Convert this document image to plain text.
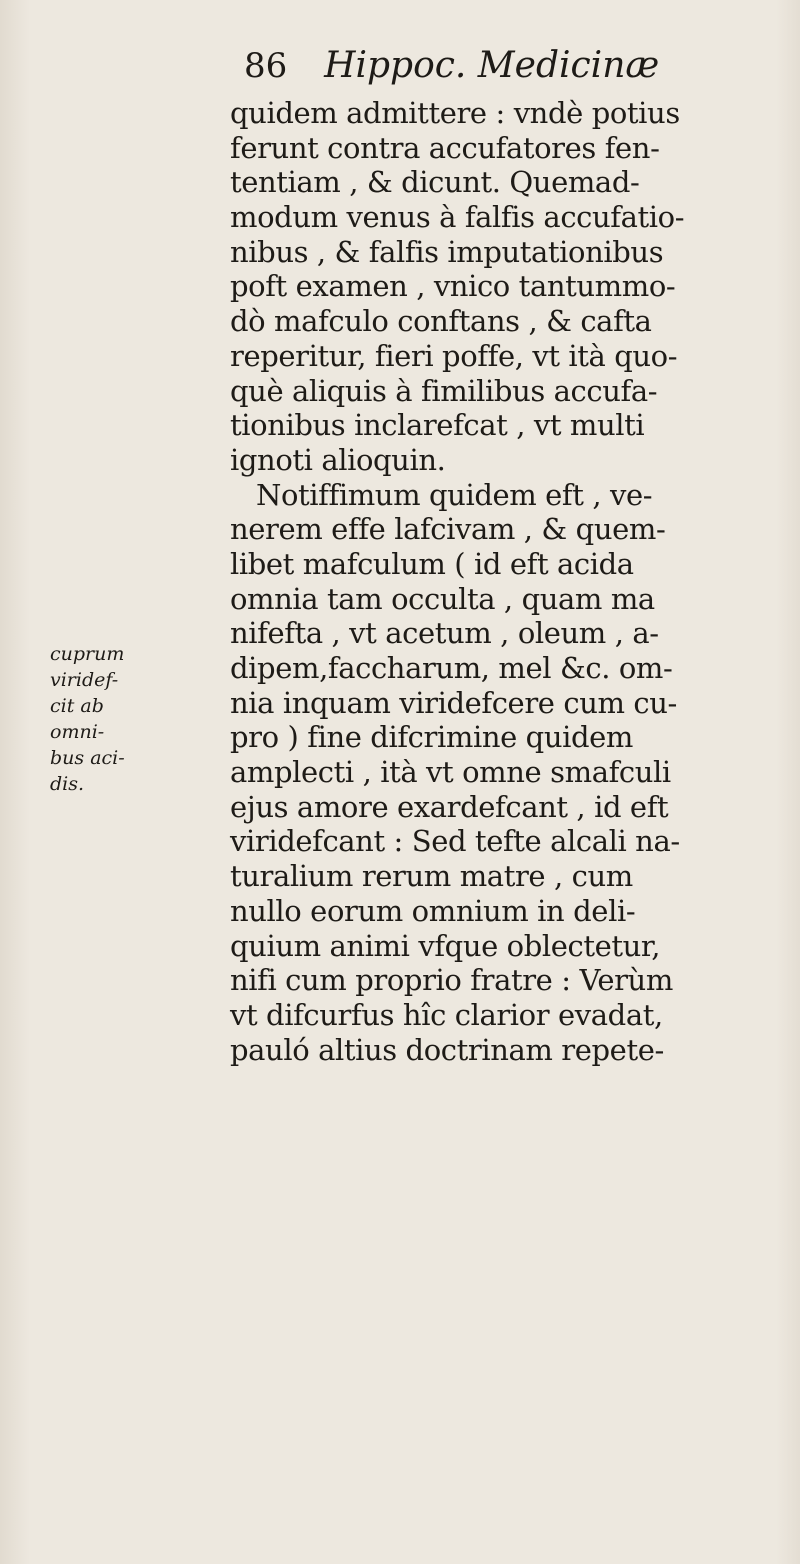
86 Hippoc. Medicinæ
quidem admittere : vndè potius
ferunt contra accufatores fen-
tentiam , & dicunt. Quemad-
modum venus à falfis accufatio-
nibus , & falfis imputationibus
poft examen , vnico tantummo-
dò mafculo conftans , & cafta
reperitur, fieri poffe, vt ità quo-
què aliquis à fimilibus accufa-
tionibus inclarefcat , vt multi
ignoti alioquin.
Notiffimum quidem eft , ve-
nerem effe lafcivam , & quem-
libet mafculum ( id eft acida
omnia tam occulta , quam ma
nifefta , vt acetum , oleum , a-
dipem,faccharum, mel &c. om-
nia inquam viridefcere cum cu-
pro ) fine difcrimine quidem
amplecti , ità vt omne smafculi
ejus amore exardefcant , id eft
viridefcant : Sed tefte alcali na-
turalium rerum matre , cum
nullo eorum omnium in deli-
quium animi vfque oblectetur,
nifi cum proprio fratre : Verùm
vt difcurfus hîc clarior evadat,
pauló altius doctrinam repete-
cuprum
viridef-
cit ab
omni-
bus aci-
dis.
